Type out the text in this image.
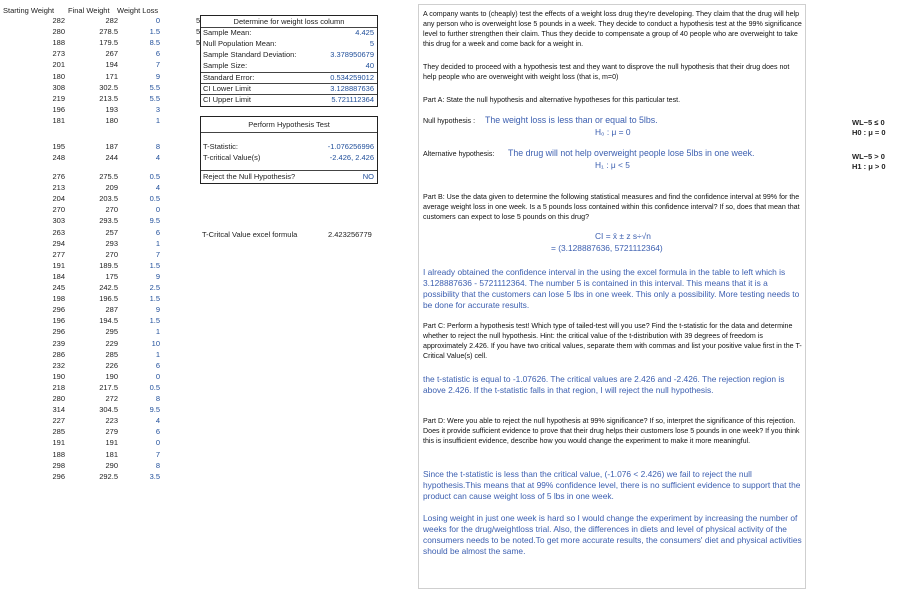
Starting Weight Final Weight Weight Loss
282	282	0
280	278.5	1.5
188	179.5	8.5
273	267	6
201	194	7
180	171	9
308	302.5	5.5
219	213.5	5.5
196	193	3
181	180	1
195	187	8
248	244	4
276	275.5	0.5
213	209	4
204	203.5	0.5
270	270	0
303	293.5	9.5
263	257	6
294	293	1
277	270	7
191	189.5	1.5
184	175	9
245	242.5	2.5
198	196.5	1.5
296	287	9
196	194.5	1.5
296	295	1
239	229	10
286	285	1
232	226	6
190	190	0
218	217.5	0.5
280	272	8
314	304.5	9.5
227	223	4
285	279	6
191	191	0
188	181	7
298	290	8
296	292.5	3.5
5
5
5
Determine for weight loss column
Sample Mean:	4.425
Null Population Mean:	5
Sample Standard Deviation:	3.378950679
Sample Size:	40
Standard Error:	0.534259012
CI Lower Limit	3.128887636
CI Upper Limit	5.721112364
Perform Hypothesis Test
T-Statistic:	-1.076256996
T-critical Value(s)	-2.426, 2.426
Reject the Null Hypothesis?	NO
T-Critcal Value excel formula	2.423256779
A company wants to (cheaply) test the effects of a weight loss drug they're developing. They claim that the drug will help any person who is overweight lose 5 pounds in a week. They decide to conduct a hypothesis test at the 99% significance level to further strengthen their claim. Thus they decide to compensate a group of 40 people who are overweight to take this drug for a week and come back for a weight in.
They decided to proceed with a hypothesis test and they want to disprove the null hypothesis that their drug does not help people who are overweight with weight loss (that is, m=0)
Part A: State the null hypothesis and alternative hypotheses for this particular test.
Null hypothesis : The weight loss is less than or equal to 5lbs.
H₀ : μ = 0
Alternative hypothesis: The drug will not help overweight people lose 5lbs in one week.
H₁ : μ < 5
Part B: Use the data given to determine the following statistical measures and find the confidence interval at 99% for the average weight loss in one week. Is a 5 pounds loss contained within this confidence interval? If so, does that mean that customers can expect to lose 5 pounds on this drug?
CI = x̄ ± z s÷√n
= (3.128887636, 5721112364)
I already obtained the confidence interval in the using the excel formula in the table to left which is 3.128887636 - 5721112364. The number 5 is contained in this interval. This means that it is a possibility that the customers can lose 5 lbs in one week. This only a possibility. More testing needs to be done for accurate results.
Part C: Perform a hypothesis test! Which type of tailed-test will you use? Find the t-statistic for the data and determine whether to reject the null hypothesis. Hint: the critical value of the t-distribution with 39 degrees of freedom is approximately 2.426. If you have two critical values, separate them with commas and list your positive value first in the T-Critical Value(s) cell.
the t-statistic is equal to -1.07626. The critical values are 2.426 and -2.426. The rejection region is above 2.426. If the t-statistic falls in that region, I will reject the null hypothesis.
Part D: Were you able to reject the null hypothesis at 99% significance? If so, interpret the significance of this rejection. Does it provide sufficient evidence to prove that their drug helps their customers lose 5 pounds in one week? If you think this is insufficient evidence, describe how you would change the experiment to make it more meaningful.
Since the t-statistic is less than the critical value, (-1.076 < 2.426) we fail to reject the null hypothesis.This means that at 99% confidence level, there is no sufficient evidence to support that the product can cause weight loss of 5 lbs in one week.
Losing weight in just one week is hard so I would change the experiment by increasing the number of weeks for the drug/weightloss trial. Also, the differences in diets and level of physical activity of the consumers needs to be noted.To get more accurate results, the consumers' diet and physical activities should be almost the same.
WL−5 ≤ 0
H0 : μ = 0
WL−5 > 0
H1 : μ > 0
